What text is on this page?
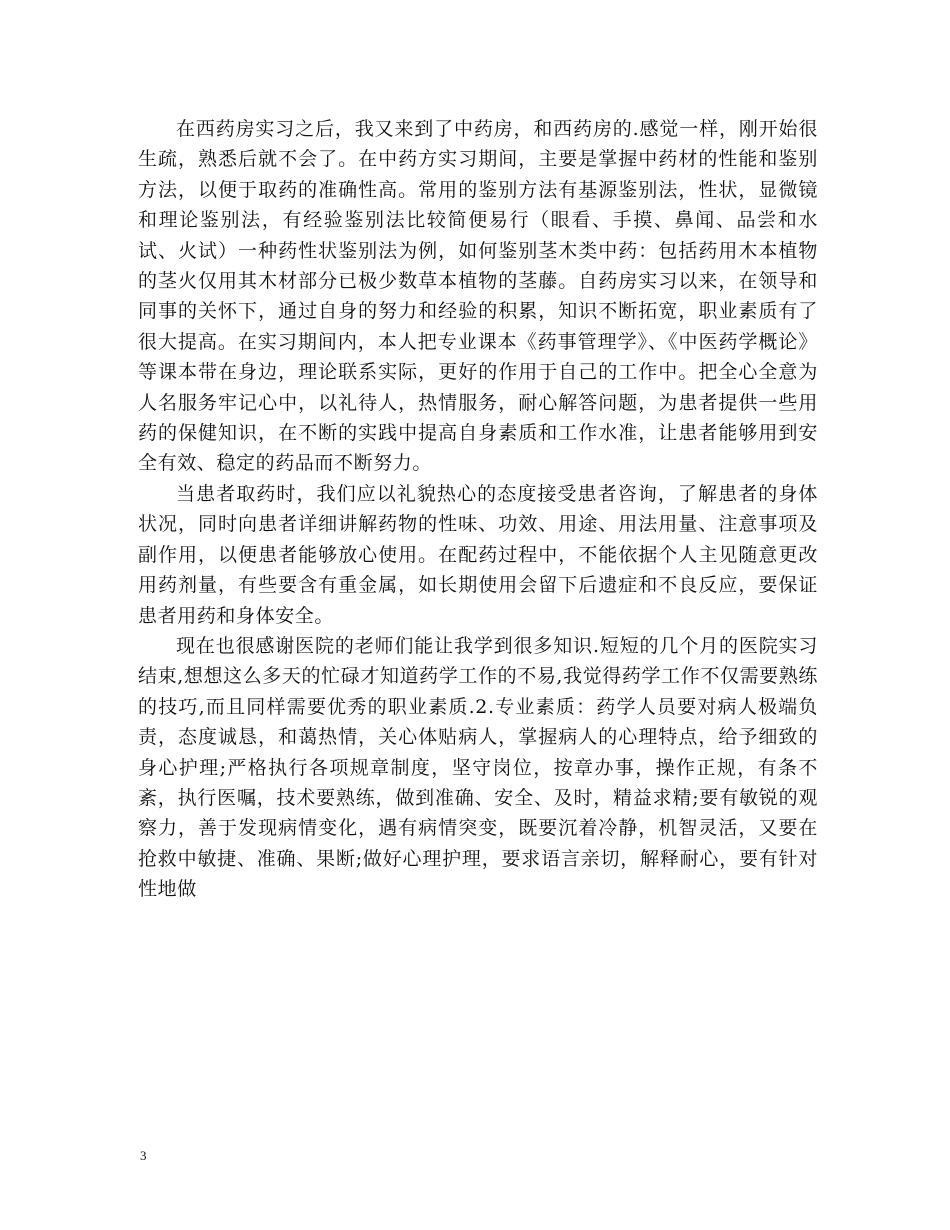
在西药房实习之后，我又来到了中药房，和西药房的.感觉一样，刚开始很生疏，熟悉后就不会了。在中药方实习期间，主要是掌握中药材的性能和鉴别方法，以便于取药的准确性高。常用的鉴别方法有基源鉴别法，性状，显微镜和理论鉴别法，有经验鉴别法比较简便易行（眼看、手摸、鼻闻、品尝和水试、火试）一种药性状鉴别法为例，如何鉴别茎木类中药：包括药用木本植物的茎火仅用其木材部分已极少数草本植物的茎藤。自药房实习以来，在领导和同事的关怀下，通过自身的努力和经验的积累，知识不断拓宽，职业素质有了很大提高。在实习期间内，本人把专业课本《药事管理学》、《中医药学概论》等课本带在身边，理论联系实际，更好的作用于自己的工作中。把全心全意为人名服务牢记心中，以礼待人，热情服务，耐心解答问题，为患者提供一些用药的保健知识，在不断的实践中提高自身素质和工作水准，让患者能够用到安全有效、稳定的药品而不断努力。

当患者取药时，我们应以礼貌热心的态度接受患者咨询，了解患者的身体状况，同时向患者详细讲解药物的性味、功效、用途、用法用量、注意事项及副作用，以便患者能够放心使用。在配药过程中，不能依据个人主见随意更改用药剂量，有些要含有重金属，如长期使用会留下后遗症和不良反应，要保证患者用药和身体安全。

现在也很感谢医院的老师们能让我学到很多知识.短短的几个月的医院实习结束,想想这么多天的忙碌才知道药学工作的不易,我觉得药学工作不仅需要熟练的技巧,而且同样需要优秀的职业素质.2.专业素质：药学人员要对病人极端负责，态度诚恳，和蔼热情，关心体贴病人，掌握病人的心理特点，给予细致的身心护理;严格执行各项规章制度，坚守岗位，按章办事，操作正规，有条不紊，执行医嘱，技术要熟练，做到准确、安全、及时，精益求精;要有敏锐的观察力，善于发现病情变化，遇有病情突变，既要沉着冷静，机智灵活，又要在抢救中敏捷、准确、果断;做好心理护理，要求语言亲切，解释耐心，要有针对性地做

3
